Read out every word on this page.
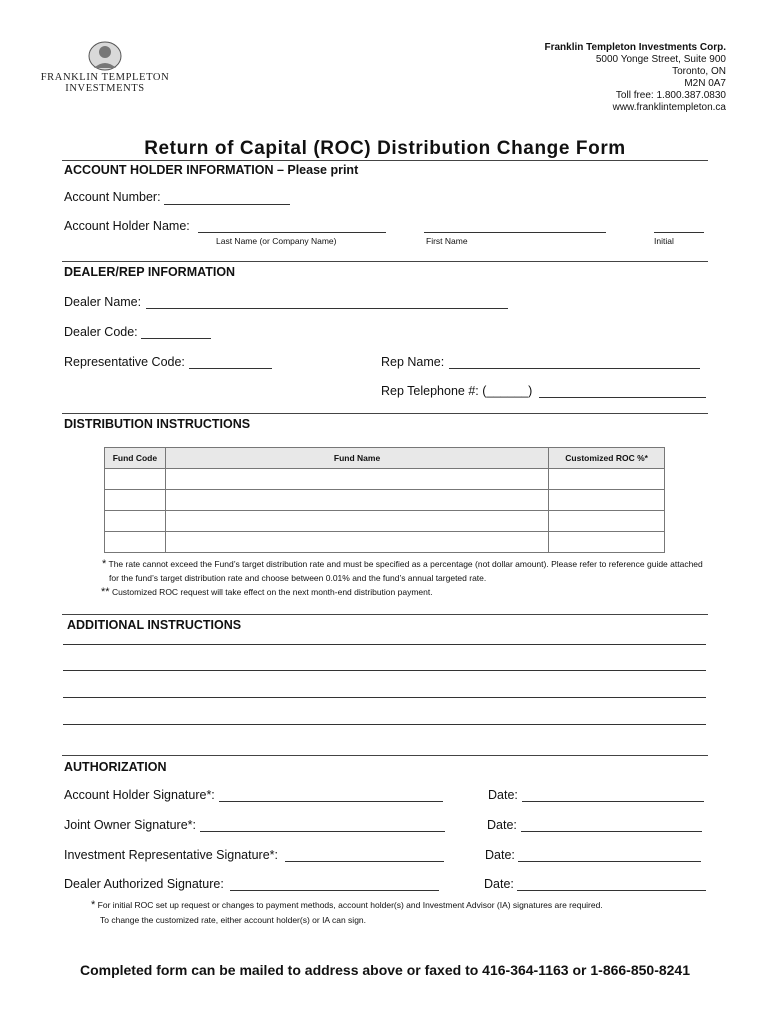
FRANKLIN TEMPLETON
INVESTMENTS
Franklin Templeton Investments Corp.
5000 Yonge Street, Suite 900
Toronto, ON
M2N 0A7
Toll free: 1.800.387.0830
www.franklintempleton.ca
Return of Capital (ROC) Distribution Change Form
ACCOUNT HOLDER INFORMATION – Please print
Account Number:
Account Holder Name:
Last Name (or Company Name)	First Name	Initial
DEALER/REP INFORMATION
Dealer Name:
Dealer Code:
Representative Code:	Rep Name:
Rep Telephone #: (______)
DISTRIBUTION INSTRUCTIONS
Fund Code	Fund Name	Customized ROC %*

* The rate cannot exceed the Fund’s target distribution rate and must be specified as a percentage (not dollar amount). Please refer to reference guide attached
for the fund’s target distribution rate and choose between 0.01% and the fund’s annual targeted rate.
** Customized ROC request will take effect on the next month-end distribution payment.
ADDITIONAL INSTRUCTIONS
AUTHORIZATION
Account Holder Signature*:	Date:
Joint Owner Signature*:	Date:
Investment Representative Signature*:	Date:
Dealer Authorized Signature:	Date:
* For initial ROC set up request or changes to payment methods, account holder(s) and Investment Advisor (IA) signatures are required.
To change the customized rate, either account holder(s) or IA can sign.
Completed form can be mailed to address above or faxed to 416-364-1163 or 1-866-850-8241
